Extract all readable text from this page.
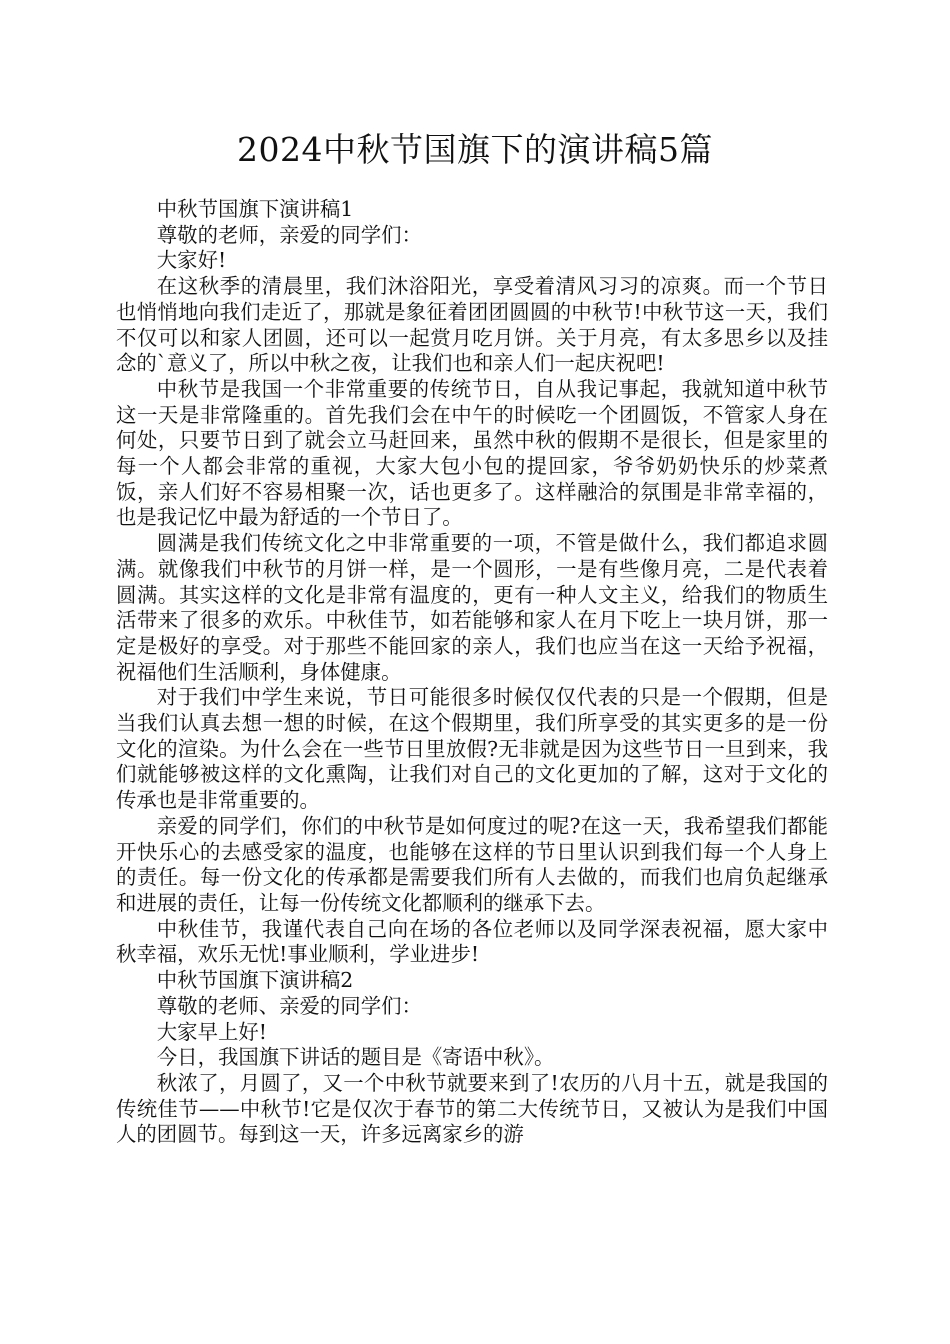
2024中秋节国旗下的演讲稿5篇

中秋节国旗下演讲稿1

尊敬的老师，亲爱的同学们：

大家好!

在这秋季的清晨里，我们沐浴阳光，享受着清风习习的凉爽。而一个节日也悄悄地向我们走近了，那就是象征着团团圆圆的中秋节!中秋节这一天，我们不仅可以和家人团圆，还可以一起赏月吃月饼。关于月亮，有太多思乡以及挂念的`意义了，所以中秋之夜，让我们也和亲人们一起庆祝吧!

中秋节是我国一个非常重要的传统节日，自从我记事起，我就知道中秋节这一天是非常隆重的。首先我们会在中午的时候吃一个团圆饭，不管家人身在何处，只要节日到了就会立马赶回来，虽然中秋的假期不是很长，但是家里的每一个人都会非常的重视，大家大包小包的提回家，爷爷奶奶快乐的炒菜煮饭，亲人们好不容易相聚一次，话也更多了。这样融洽的氛围是非常幸福的，也是我记忆中最为舒适的一个节日了。

圆满是我们传统文化之中非常重要的一项，不管是做什么，我们都追求圆满。就像我们中秋节的月饼一样，是一个圆形，一是有些像月亮，二是代表着圆满。其实这样的文化是非常有温度的，更有一种人文主义，给我们的物质生活带来了很多的欢乐。中秋佳节，如若能够和家人在月下吃上一块月饼，那一定是极好的享受。对于那些不能回家的亲人，我们也应当在这一天给予祝福，祝福他们生活顺利，身体健康。

对于我们中学生来说，节日可能很多时候仅仅代表的只是一个假期，但是当我们认真去想一想的时候，在这个假期里，我们所享受的其实更多的是一份文化的渲染。为什么会在一些节日里放假?无非就是因为这些节日一旦到来，我们就能够被这样的文化熏陶，让我们对自己的文化更加的了解，这对于文化的传承也是非常重要的。

亲爱的同学们，你们的中秋节是如何度过的呢?在这一天，我希望我们都能开快乐心的去感受家的温度，也能够在这样的节日里认识到我们每一个人身上的责任。每一份文化的传承都是需要我们所有人去做的，而我们也肩负起继承和进展的责任，让每一份传统文化都顺利的继承下去。

中秋佳节，我谨代表自己向在场的各位老师以及同学深表祝福，愿大家中秋幸福，欢乐无忧!事业顺利，学业进步!

中秋节国旗下演讲稿2

尊敬的老师、亲爱的同学们：

大家早上好!

今日，我国旗下讲话的题目是《寄语中秋》。

秋浓了，月圆了，又一个中秋节就要来到了!农历的八月十五，就是我国的传统佳节——中秋节!它是仅次于春节的第二大传统节日，又被认为是我们中国人的团圆节。每到这一天，许多远离家乡的游
